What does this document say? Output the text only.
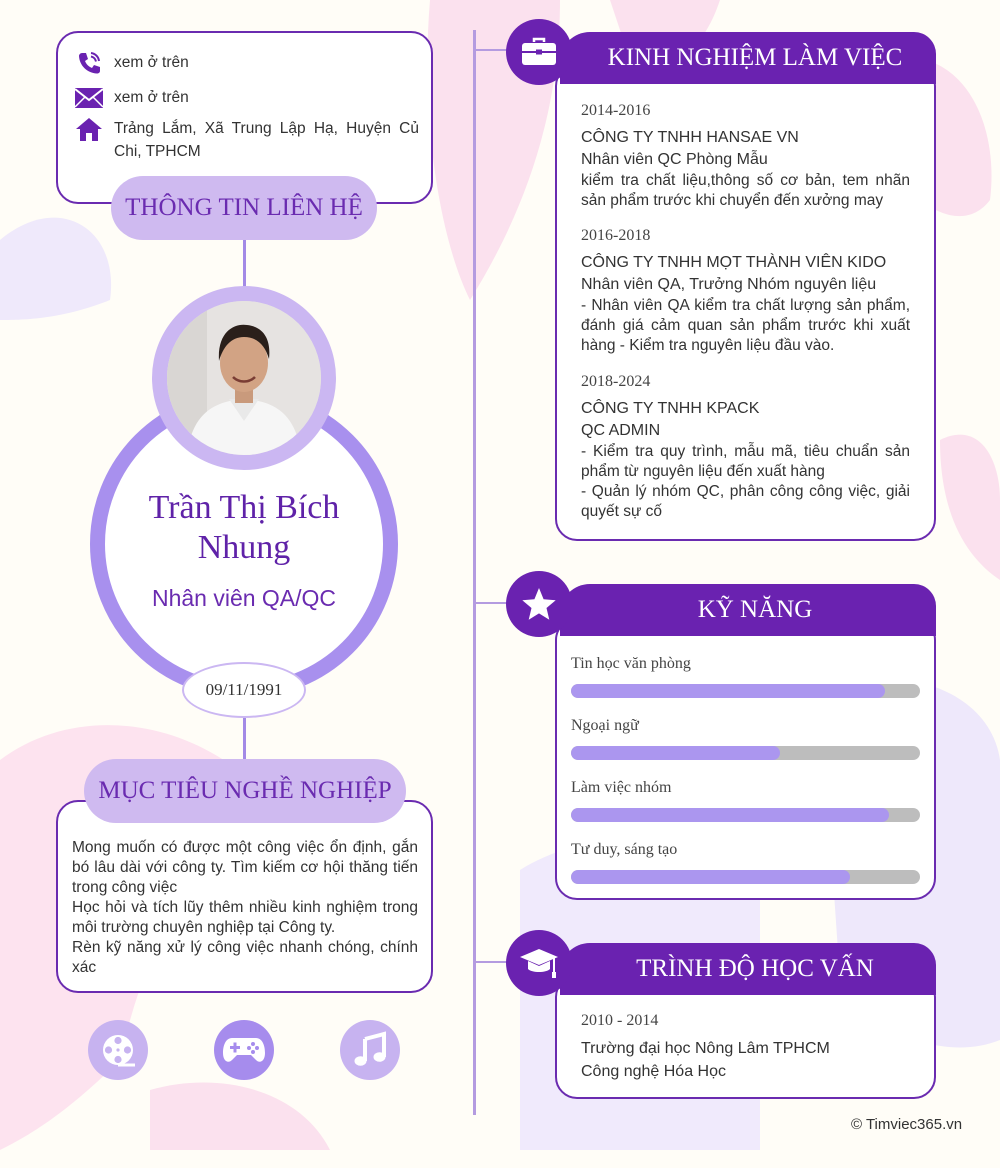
xem ở trên
xem ở trên
Trảng Lắm, Xã Trung Lập Hạ, Huyện Củ Chi, TPHCM
THÔNG TIN LIÊN HỆ
Trần Thị Bích Nhung
Nhân viên QA/QC
09/11/1991
Mong muốn có được một công việc ổn định, gắn bó lâu dài với công ty. Tìm kiếm cơ hội thăng tiến trong công việc
Học hỏi và tích lũy thêm nhiều kinh nghiệm trong môi trường chuyên nghiệp tại Công ty.
Rèn kỹ năng xử lý công việc nhanh chóng, chính xác
MỤC TIÊU NGHỀ NGHIỆP
KINH NGHIỆM LÀM VIỆC
2014-2016
CÔNG TY TNHH HANSAE VN
Nhân viên QC Phòng Mẫu
kiểm tra chất liệu,thông số cơ bản, tem nhãn sản phẩm trước khi chuyển đến xưởng may
2016-2018
CÔNG TY TNHH MỌT THÀNH VIÊN KIDO
Nhân viên QA, Trưởng Nhóm nguyên liệu
- Nhân viên QA kiểm tra chất lượng sản phẩm, đánh giá cảm quan sản phẩm trước khi xuất hàng - Kiểm tra nguyên liệu đầu vào.
2018-2024
CÔNG TY TNHH KPACK
QC ADMIN
- Kiểm tra quy trình, mẫu mã, tiêu chuẩn sản phẩm từ nguyên liệu đến xuất hàng
- Quản lý nhóm QC, phân công công việc, giải quyết sự cố
KỸ NĂNG
Tin học văn phòng
Ngoại ngữ
Làm việc nhóm
Tư duy, sáng tạo
TRÌNH ĐỘ HỌC VẤN
2010 - 2014
Trường đại học Nông Lâm TPHCM
Công nghệ Hóa Học
© Timviec365.vn
